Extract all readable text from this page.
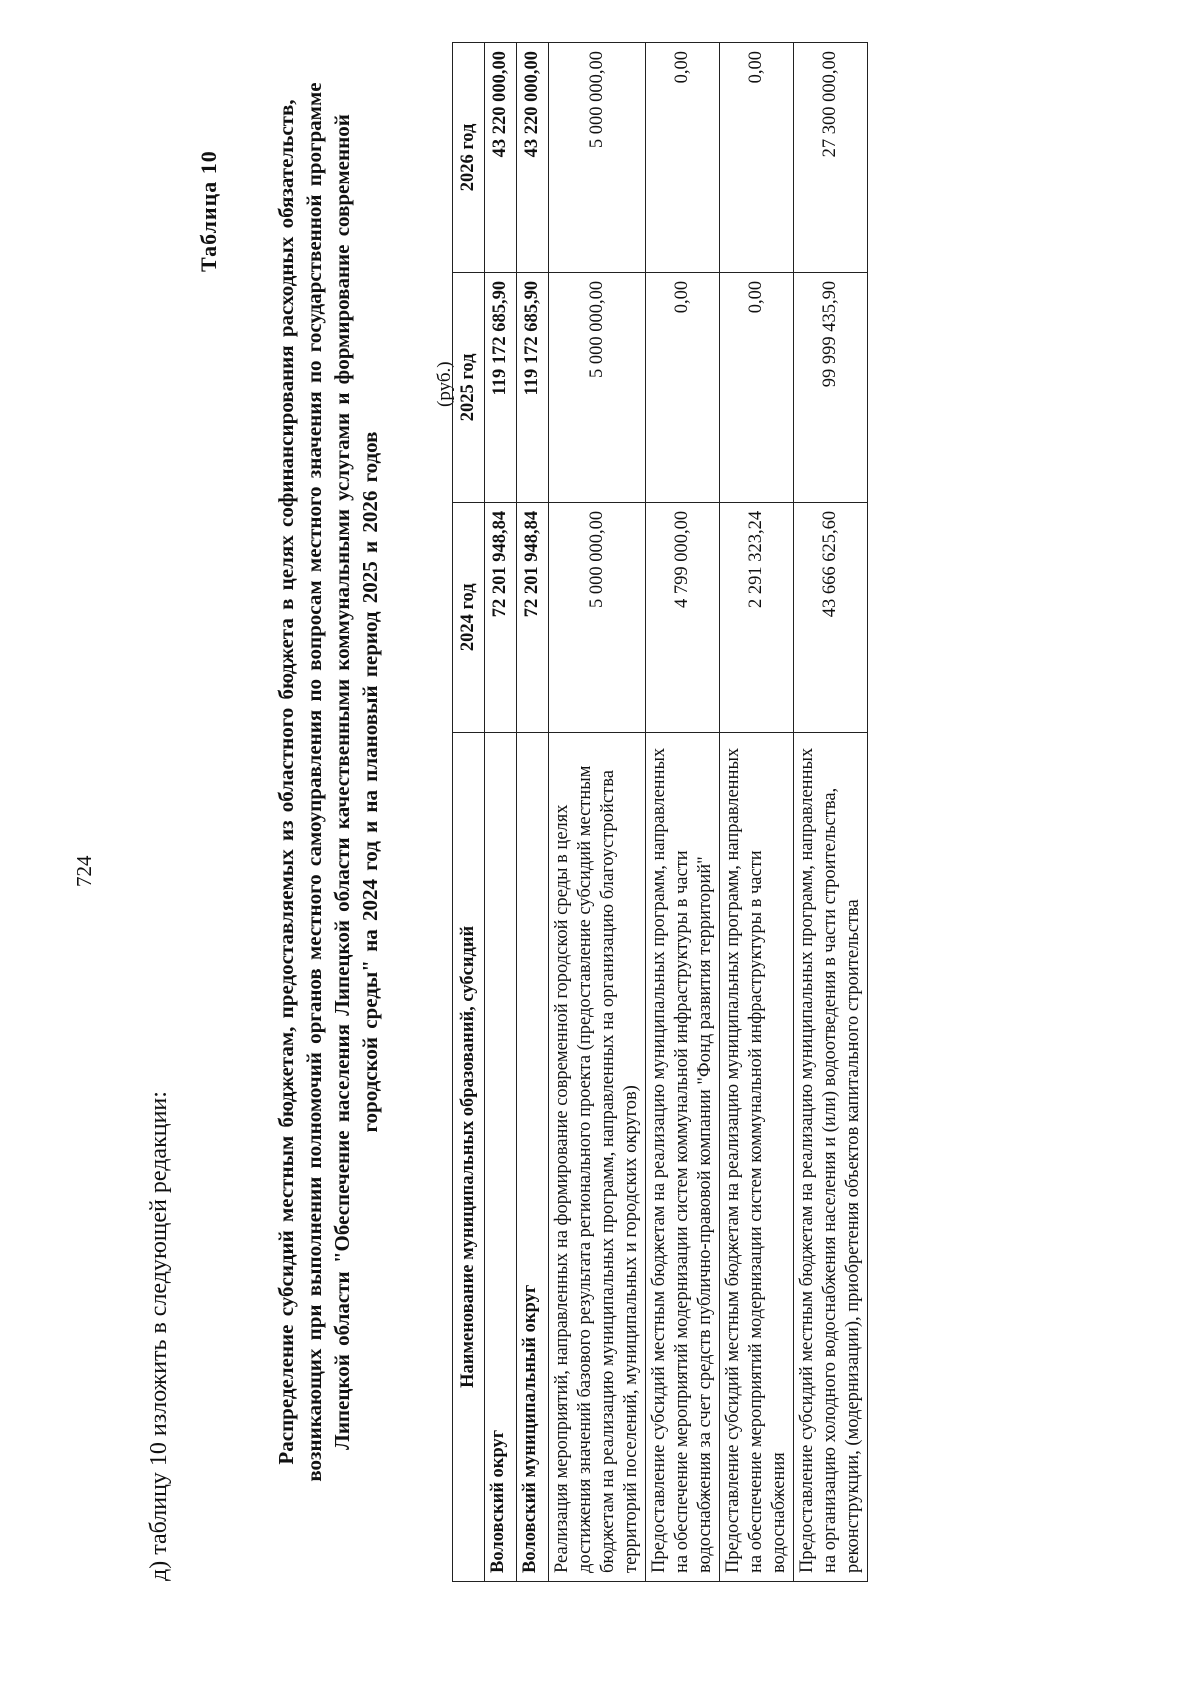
724
д) таблицу 10 изложить в следующей редакции:
Таблица 10	Распределение субсидий местным бюджетам, предоставляемых из областного бюджета в целях софинансирования расходных обязательств, возникающих при выполнении полномочий органов местного самоуправления по вопросам местного значения по государственной программе Липецкой области "Обеспечение населения Липецкой области качественными коммунальными услугами и формирование современной городской среды" на 2024 год и на плановый период 2025 и 2026 годов
(руб.)
Наименование муниципальных образований, субсидий	2024 год	2025 год	2026 год
Воловский округ	72 201 948,84	119 172 685,90	43 220 000,00
Воловский муниципальный округ	72 201 948,84	119 172 685,90	43 220 000,00
Реализация мероприятий, направленных на формирование современной городской среды в целях достижения значений базового результата регионального проекта (предоставление субсидий местным бюджетам на реализацию муниципальных программ, направленных на организацию благоустройства территорий поселений, муниципальных и городских округов)	5 000 000,00	5 000 000,00	5 000 000,00
Предоставление субсидий местным бюджетам на реализацию муниципальных программ, направленных на обеспечение мероприятий модернизации систем коммунальной инфраструктуры в части водоснабжения за счет средств публично-правовой компании "Фонд развития территорий"	4 799 000,00	0,00	0,00
Предоставление субсидий местным бюджетам на реализацию муниципальных программ, направленных на обеспечение мероприятий модернизации систем коммунальной инфраструктуры в части водоснабжения	2 291 323,24	0,00	0,00
Предоставление субсидий местным бюджетам на реализацию муниципальных программ, направленных на организацию холодного водоснабжения населения и (или) водоотведения в части строительства, реконструкции, (модернизации), приобретения объектов капитального строительства	43 666 625,60	99 999 435,90	27 300 000,00
